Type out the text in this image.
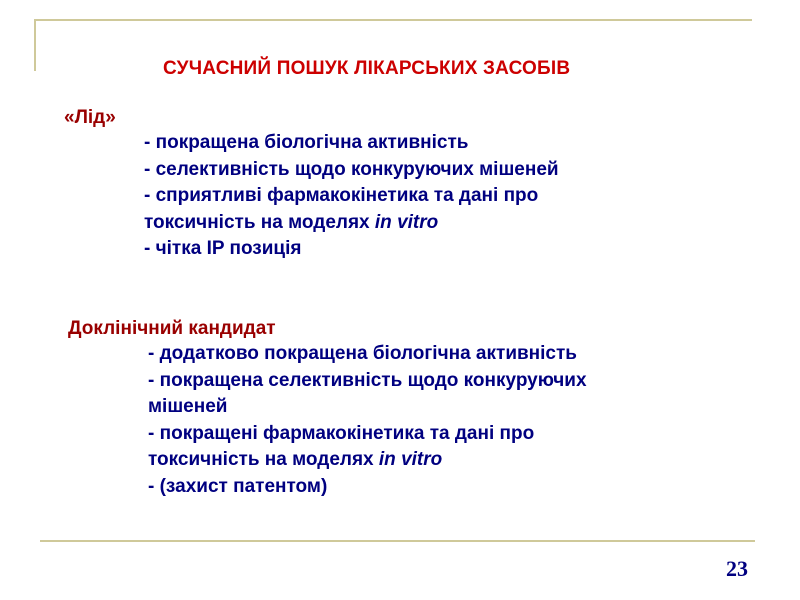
СУЧАСНИЙ ПОШУК ЛІКАРСЬКИХ ЗАСОБІВ
«Лід»
- покращена біологічна активність
- селективність щодо конкуруючих мішеней
- сприятливі фармакокінетика та дані про
токсичність на моделях in vitro
- чітка IP позиція
Доклінічний кандидат
- додатково покращена біологічна активність
- покращена селективність щодо конкуруючих
мішеней
- покращені фармакокінетика та дані про
токсичність на моделях in vitro
- (захист патентом)
23
